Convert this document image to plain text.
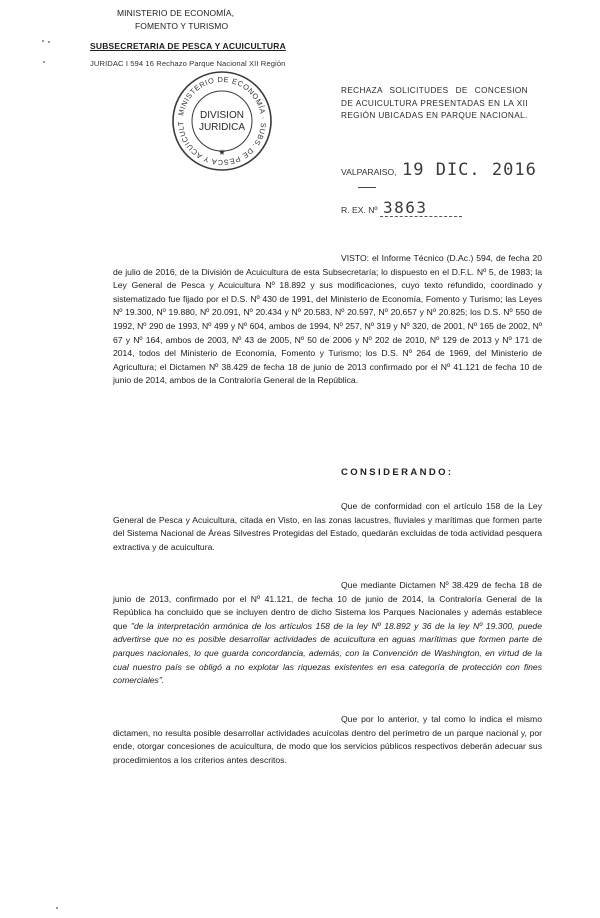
MINISTERIO DE ECONOMÍA,
FOMENTO Y TURISMO
SUBSECRETARIA DE PESCA Y ACUICULTURA
JURIDAC I 594 16 Rechazo Parque Nacional XII Región
MINISTERIO DE ECONOMÍA · SUBS. DE PESCA Y ACUICULT
DIVISION
JURIDICA
★
RECHAZA SOLICITUDES DE CONCESION DE ACUICULTURA PRESENTADAS EN LA XII REGIÓN UBICADAS EN PARQUE NACIONAL.
VALPARAISO, 19 DIC. 2016
R. EX. Nº 3863
VISTO: el Informe Técnico (D.Ac.) 594, de fecha 20 de julio de 2016, de la División de Acuicultura de esta Subsecretaría; lo dispuesto en el D.F.L. Nº 5, de 1983; la Ley General de Pesca y Acuicultura Nº 18.892 y sus modificaciones, cuyo texto refundido, coordinado y sistematizado fue fijado por el D.S. Nº 430 de 1991, del Ministerio de Economía, Fomento y Turismo; las Leyes Nº 19.300, Nº 19.880, Nº 20.091, Nº 20.434 y Nº 20.583, Nº 20.597, Nº 20.657 y Nº 20.825; los D.S. Nº 550 de 1992, Nº 290 de 1993, Nº 499 y Nº 604, ambos de 1994, Nº 257, Nº 319 y Nº 320, de 2001, Nº 165 de 2002, Nº 67 y Nº 164, ambos de 2003, Nº 43 de 2005, Nº 50 de 2006 y Nº 202 de 2010, Nº 129 de 2013 y Nº 171 de 2014, todos del Ministerio de Economía, Fomento y Turismo; los D.S. Nº 264 de 1969, del Ministerio de Agricultura; el Dictamen Nº 38.429 de fecha 18 de junio de 2013 confirmado por el Nº 41.121 de fecha 10 de junio de 2014, ambos de la Contraloría General de la República.
CONSIDERANDO:
Que de conformidad con el artículo 158 de la Ley General de Pesca y Acuicultura, citada en Visto, en las zonas lacustres, fluviales y marítimas que formen parte del Sistema Nacional de Áreas Silvestres Protegidas del Estado, quedarán excluidas de toda actividad pesquera extractiva y de acuicultura.
Que mediante Dictamen Nº 38.429 de fecha 18 de junio de 2013, confirmado por el Nº 41.121, de fecha 10 de junio de 2014, la Contraloría General de la República ha concluido que se incluyen dentro de dicho Sistema los Parques Nacionales y además establece que "de la interpretación armónica de los artículos 158 de la ley Nº 18.892 y 36 de la ley Nº 19.300, puede advertirse que no es posible desarrollar actividades de acuicultura en aguas marítimas que formen parte de parques nacionales, lo que guarda concordancia, además, con la Convención de Washington, en virtud de la cual nuestro país se obligó a no explotar las riquezas existentes en esa categoría de protección con fines comerciales".
Que por lo anterior, y tal como lo indica el mismo dictamen, no resulta posible desarrollar actividades acuícolas dentro del perímetro de un parque nacional y, por ende, otorgar concesiones de acuicultura, de modo que los servicios públicos respectivos deberán adecuar sus procedimientos a los criterios antes descritos.
